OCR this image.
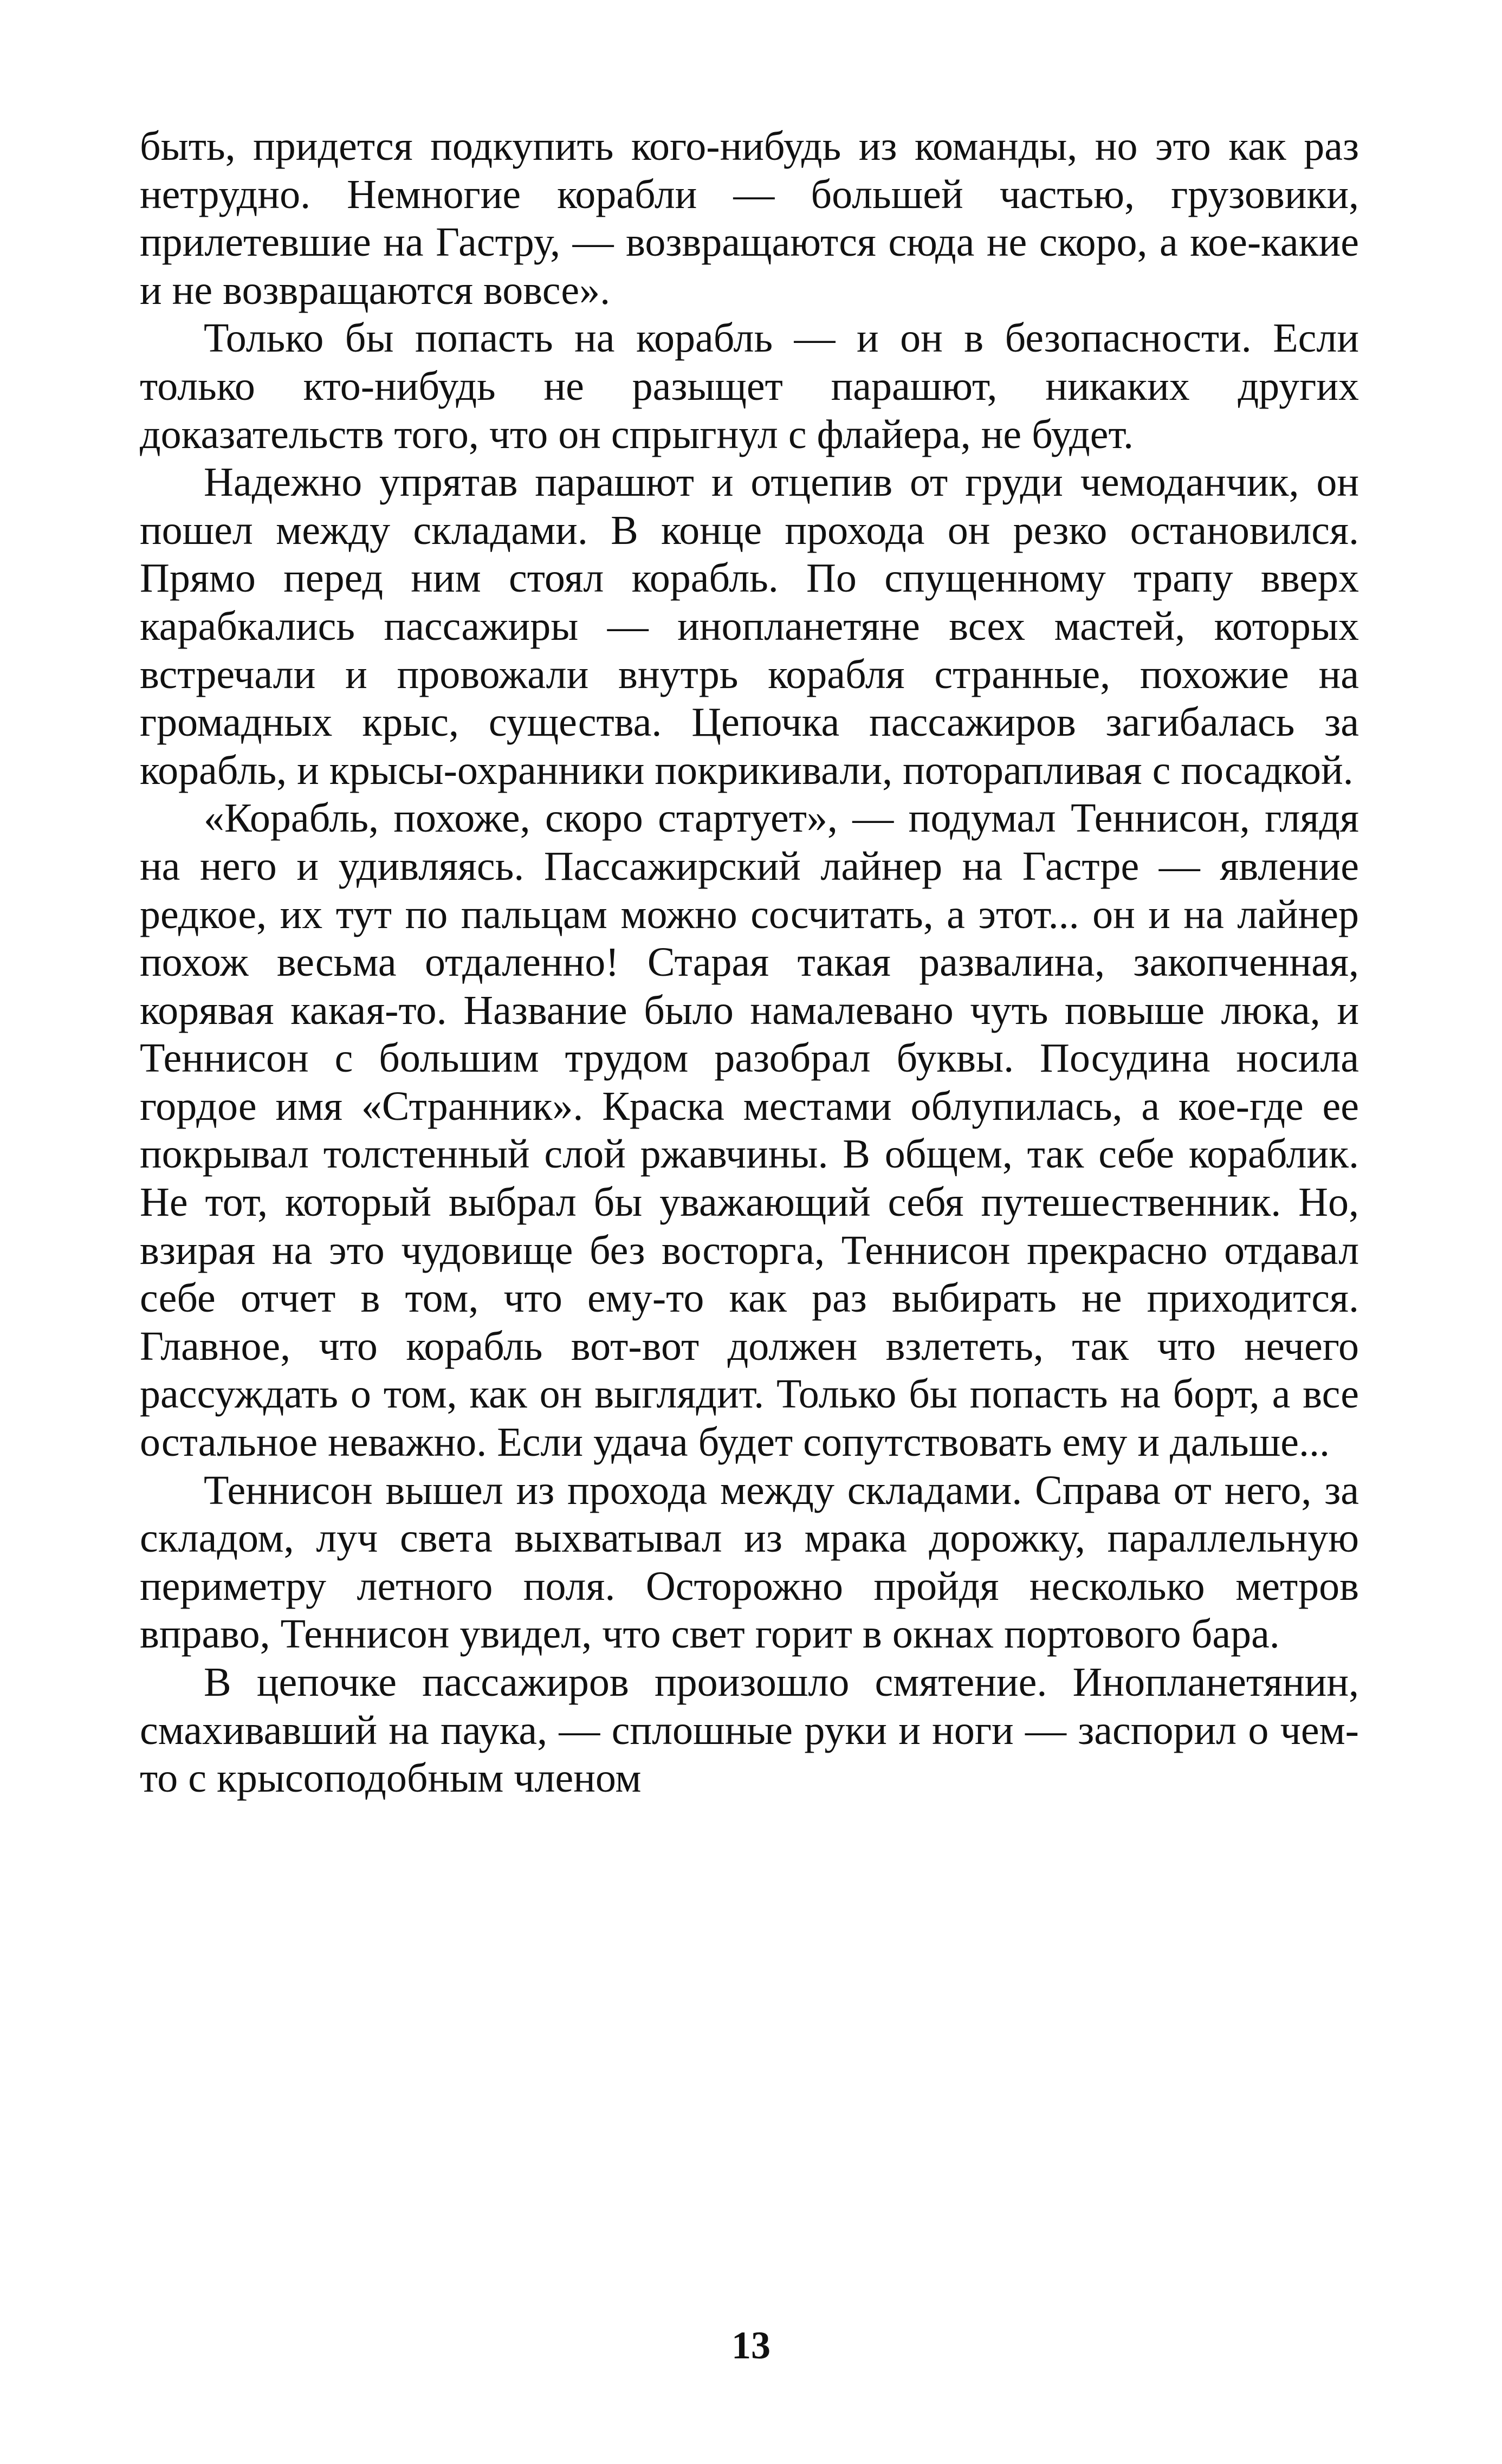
быть, придется подкупить кого-нибудь из команды, но это как раз нетрудно. Немногие корабли — большей частью, грузовики, прилетевшие на Гастру, — возвращаются сюда не скоро, а кое-какие и не возвращаются вовсе».

Только бы попасть на корабль — и он в безопасности. Если только кто-нибудь не разыщет парашют, никаких других доказательств того, что он спрыгнул с флайера, не будет.

Надежно упрятав парашют и отцепив от груди чемоданчик, он пошел между складами. В конце прохода он резко остановился. Прямо перед ним стоял корабль. По спущенному трапу вверх карабкались пассажиры — инопланетяне всех мастей, которых встречали и провожали внутрь корабля странные, похожие на громадных крыс, существа. Цепочка пассажиров загибалась за корабль, и крысы-охранники покрикивали, поторапливая с посадкой.

«Корабль, похоже, скоро стартует», — подумал Теннисон, глядя на него и удивляясь. Пассажирский лайнер на Гастре — явление редкое, их тут по пальцам можно сосчитать, а этот... он и на лайнер похож весьма отдаленно! Старая такая развалина, закопченная, корявая какая-то. Название было намалевано чуть повыше люка, и Теннисон с большим трудом разобрал буквы. Посудина носила гордое имя «Странник». Краска местами облупилась, а кое-где ее покрывал толстенный слой ржавчины. В общем, так себе кораблик. Не тот, который выбрал бы уважающий себя путешественник. Но, взирая на это чудовище без восторга, Теннисон прекрасно отдавал себе отчет в том, что ему-то как раз выбирать не приходится. Главное, что корабль вот-вот должен взлететь, так что нечего рассуждать о том, как он выглядит. Только бы попасть на борт, а все остальное неважно. Если удача будет сопутствовать ему и дальше...

Теннисон вышел из прохода между складами. Справа от него, за складом, луч света выхватывал из мрака дорожку, параллельную периметру летного поля. Осторожно пройдя несколько метров вправо, Теннисон увидел, что свет горит в окнах портового бара.

В цепочке пассажиров произошло смятение. Инопланетянин, смахивавший на паука, — сплошные руки и ноги — заспорил о чем-то с крысоподобным членом

13
